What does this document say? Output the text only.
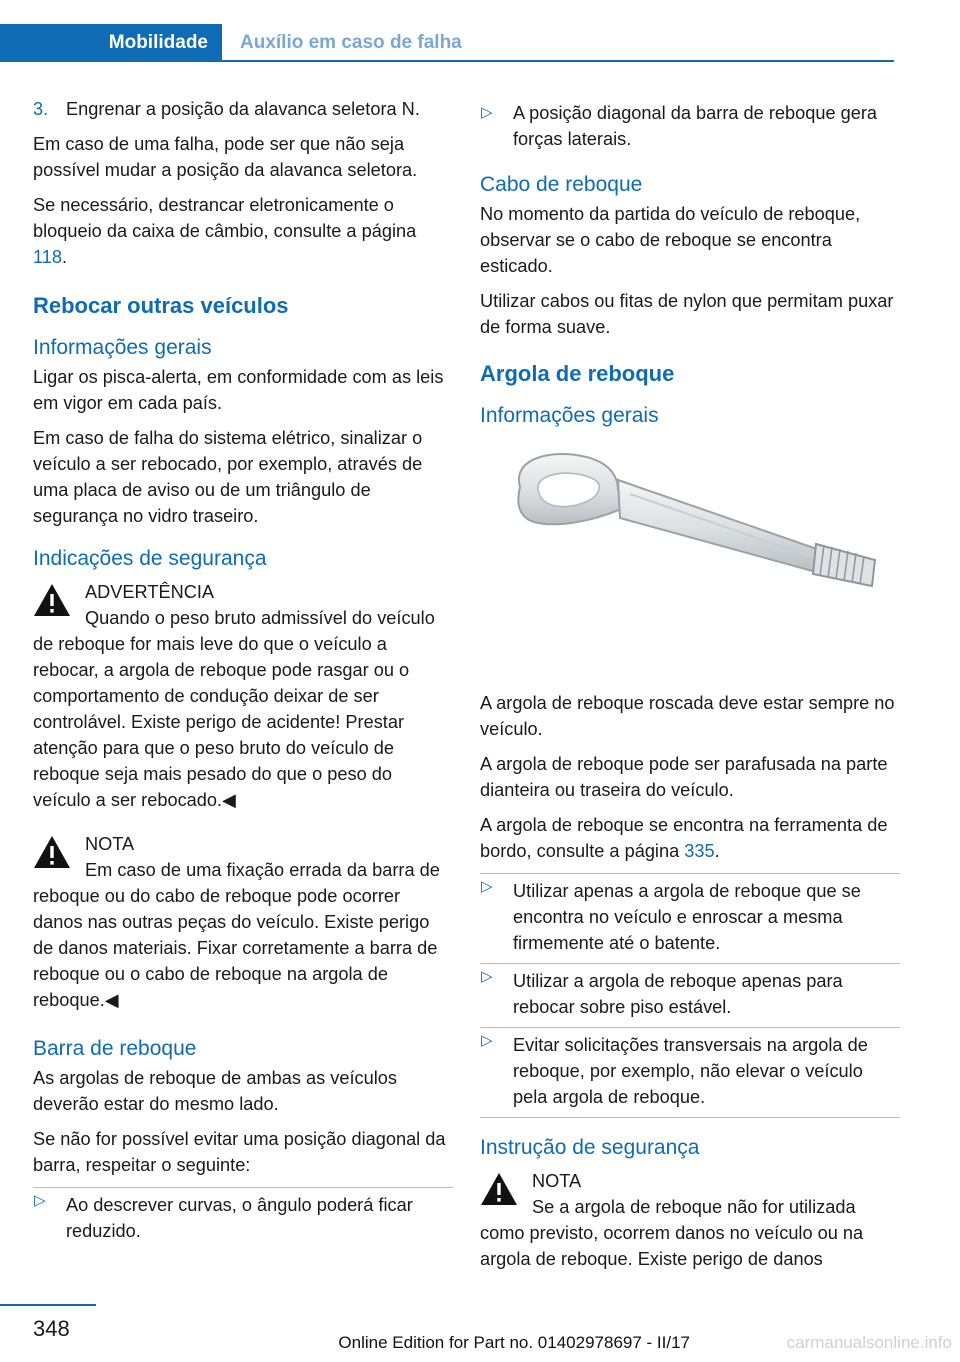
Mobilidade Auxílio em caso de falha
3. Engrenar a posição da alavanca seletora N.

Em caso de uma falha, pode ser que não seja possível mudar a posição da alavanca seletora.

Se necessário, destrancar eletronicamente o bloqueio da caixa de câmbio, consulte a página 118.

Rebocar outras veículos
Informações gerais

Ligar os pisca-alerta, em conformidade com as leis em vigor em cada país.

Em caso de falha do sistema elétrico, sinalizar o veículo a ser rebocado, por exemplo, através de uma placa de aviso ou de um triângulo de segurança no vidro traseiro.

Indicações de segurança
ADVERTÊNCIA
Quando o peso bruto admissível do veículo de reboque for mais leve do que o veículo a rebocar, a argola de reboque pode rasgar ou o comportamento de condução deixar de ser controlável. Existe perigo de acidente! Prestar atenção para que o peso bruto do veículo de reboque seja mais pesado do que o peso do veículo a ser rebocado.◀
NOTA
Em caso de uma fixação errada da barra de reboque ou do cabo de reboque pode ocorrer danos nas outras peças do veículo. Existe perigo de danos materiais. Fixar corretamente a barra de reboque ou o cabo de reboque na argola de reboque.◀
Barra de reboque

As argolas de reboque de ambas as veículos deverão estar do mesmo lado.

Se não for possível evitar uma posição diagonal da barra, respeitar o seguinte:

▷ Ao descrever curvas, o ângulo poderá ficar reduzido.
▷ A posição diagonal da barra de reboque gera forças laterais.
Cabo de reboque

No momento da partida do veículo de reboque, observar se o cabo de reboque se encontra esticado.

Utilizar cabos ou fitas de nylon que permitam puxar de forma suave.

Argola de reboque
Informações gerais

A argola de reboque roscada deve estar sempre no veículo.

A argola de reboque pode ser parafusada na parte dianteira ou traseira do veículo.

A argola de reboque se encontra na ferramenta de bordo, consulte a página 335.

▷ Utilizar apenas a argola de reboque que se encontra no veículo e enroscar a mesma firmemente até o batente.
▷ Utilizar a argola de reboque apenas para rebocar sobre piso estável.
▷ Evitar solicitações transversais na argola de reboque, por exemplo, não elevar o veículo pela argola de reboque.
Instrução de segurança
NOTA
Se a argola de reboque não for utilizada como previsto, ocorrem danos no veículo ou na argola de reboque. Existe perigo de danos
348
Online Edition for Part no. 01402978697 - II/17	carmanualsonline.info
